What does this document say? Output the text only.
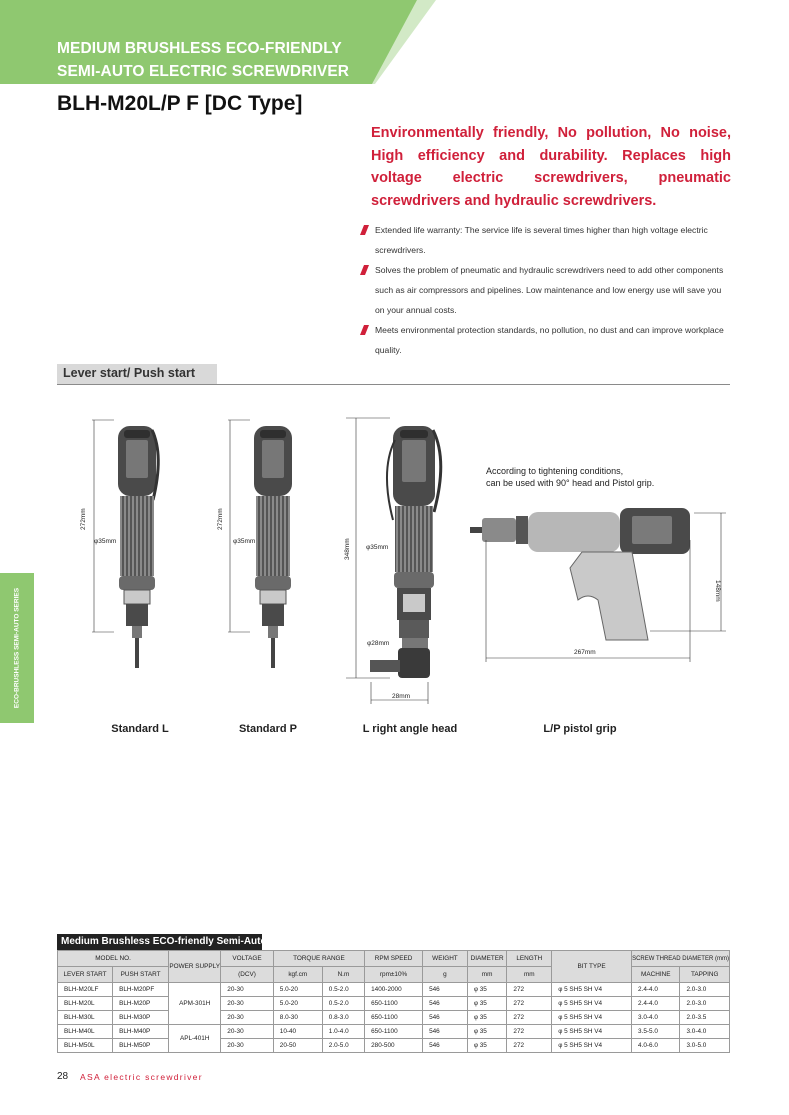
MEDIUM BRUSHLESS ECO-FRIENDLY
SEMI-AUTO ELECTRIC SCREWDRIVER
BLH-M20L/P F [DC Type]
Environmentally friendly, No pollution, No noise, High efficiency and durability. Replaces high voltage electric screwdrivers, pneumatic screwdrivers and hydraulic screwdrivers.
Extended life warranty: The service life is several times higher than high voltage electric screwdrivers.
Solves the problem of pneumatic and hydraulic screwdrivers need to add other components such as air compressors and pipelines. Low maintenance and low energy use will save you on your annual costs.
Meets environmental protection standards, no pollution, no dust and can improve workplace quality.
Lever start/ Push start
ECO-BRUSHLESS SEMI-AUTO SERIES
272mm
φ35mm
272mm
φ35mm	348mm φ35mm
φ28mm
28mm
267mm
148mm
According to tightening conditions,
can be used with 90° head and Pistol grip.
Standard L	Standard P	L right angle head	L/P pistol grip
Medium Brushless ECO-friendly Semi-Auto
MODEL NO.		POWER SUPPLY	VOLTAGE	TORQUE RANGE		RPM SPEED	WEIGHT	DIAMETER	LENGTH	BIT TYPE	SCREW THREAD DIAMETER (mm)	
LEVER START	PUSH START		(DCV)	kgf.cm	N.m	rpm±10%	g	mm	mm		MACHINE	TAPPING
BLH-M20LF	BLH-M20PF	APM-301H	20-30	5.0-20	0.5-2.0	1400-2000	546	φ 35	272	φ 5 SH5 SH V4	2.4-4.0	2.0-3.0
BLH-M20L	BLH-M20P		20-30	5.0-20	0.5-2.0	650-1100	546	φ 35	272	φ 5 SH5 SH V4	2.4-4.0	2.0-3.0
BLH-M30L	BLH-M30P		20-30	8.0-30	0.8-3.0	650-1100	546	φ 35	272	φ 5 SH5 SH V4	3.0-4.0	2.0-3.5
BLH-M40L	BLH-M40P	APL-401H	20-30	10-40	1.0-4.0	650-1100	546	φ 35	272	φ 5 SH5 SH V4	3.5-5.0	3.0-4.0
BLH-M50L	BLH-M50P		20-30	20-50	2.0-5.0	280-500	546	φ 35	272	φ 5 SH5 SH V4	4.0-6.0	3.0-5.0
28 ASA electric screwdriver
